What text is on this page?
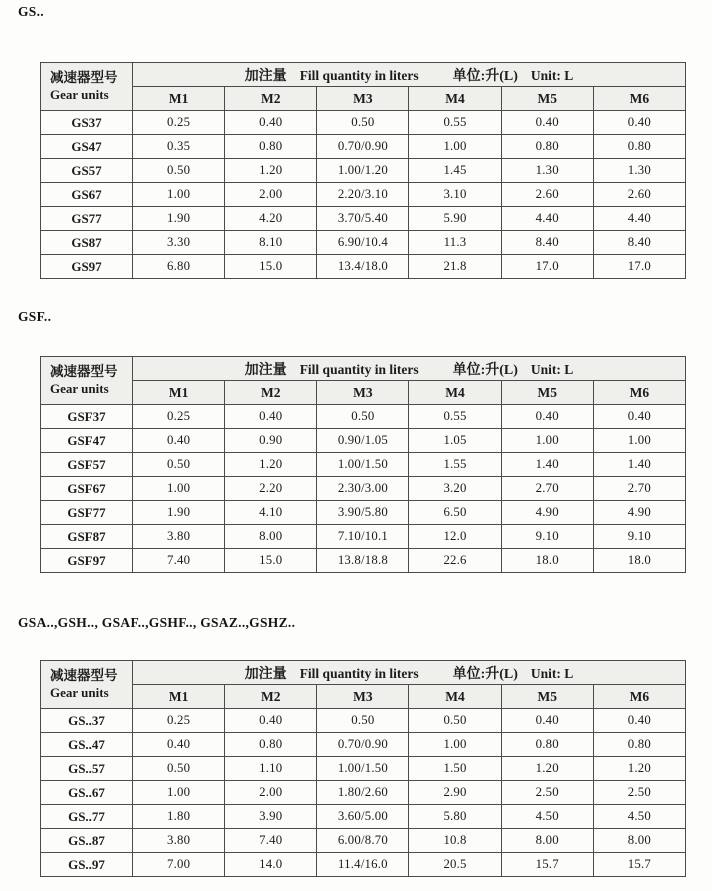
GS..
减速器型号
Gear units	加注量 Fill quantity in liters 单位:升(L) Unit: L					

	M1	M2	M3	M4	M5	M6
GS37	0.25	0.40	0.50	0.55	0.40	0.40
GS47	0.35	0.80	0.70/0.90	1.00	0.80	0.80
GS57	0.50	1.20	1.00/1.20	1.45	1.30	1.30
GS67	1.00	2.00	2.20/3.10	3.10	2.60	2.60
GS77	1.90	4.20	3.70/5.40	5.90	4.40	4.40
GS87	3.30	8.10	6.90/10.4	11.3	8.40	8.40
GS97	6.80	15.0	13.4/18.0	21.8	17.0	17.0
GSF..
减速器型号
Gear units	加注量 Fill quantity in liters 单位:升(L) Unit: L					

	M1	M2	M3	M4	M5	M6
GSF37	0.25	0.40	0.50	0.55	0.40	0.40
GSF47	0.40	0.90	0.90/1.05	1.05	1.00	1.00
GSF57	0.50	1.20	1.00/1.50	1.55	1.40	1.40
GSF67	1.00	2.20	2.30/3.00	3.20	2.70	2.70
GSF77	1.90	4.10	3.90/5.80	6.50	4.90	4.90
GSF87	3.80	8.00	7.10/10.1	12.0	9.10	9.10
GSF97	7.40	15.0	13.8/18.8	22.6	18.0	18.0
GSA..,GSH.., GSAF..,GSHF.., GSAZ..,GSHZ..
减速器型号
Gear units	加注量 Fill quantity in liters 单位:升(L) Unit: L					

	M1	M2	M3	M4	M5	M6
GS..37	0.25	0.40	0.50	0.50	0.40	0.40
GS..47	0.40	0.80	0.70/0.90	1.00	0.80	0.80
GS..57	0.50	1.10	1.00/1.50	1.50	1.20	1.20
GS..67	1.00	2.00	1.80/2.60	2.90	2.50	2.50
GS..77	1.80	3.90	3.60/5.00	5.80	4.50	4.50
GS..87	3.80	7.40	6.00/8.70	10.8	8.00	8.00
GS..97	7.00	14.0	11.4/16.0	20.5	15.7	15.7
